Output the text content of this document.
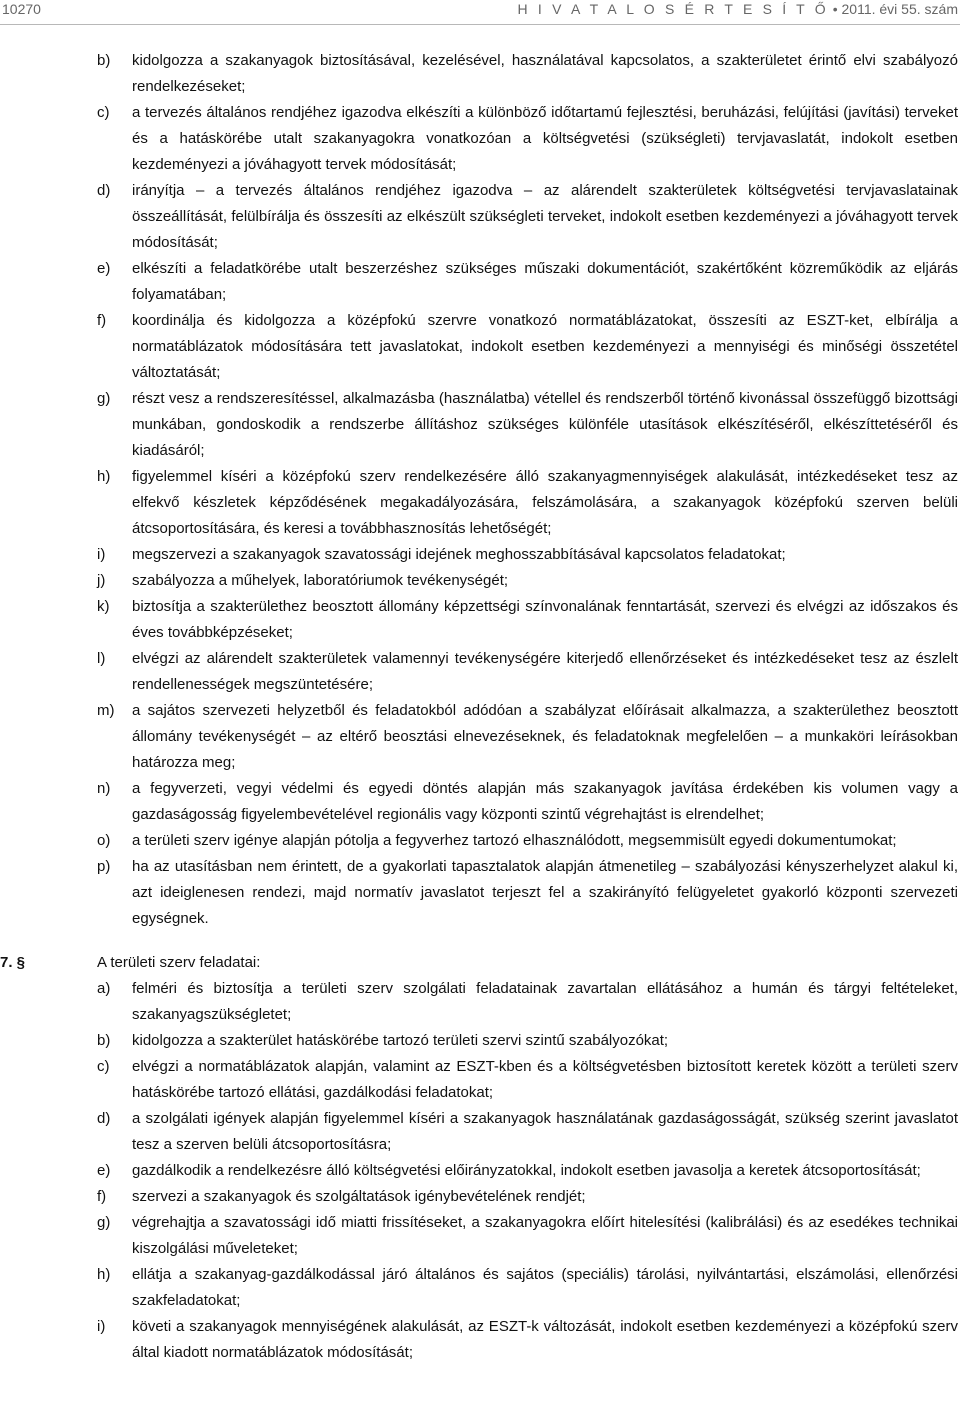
10270	H I V A T A L O S É R T E S Í T Ő • 2011. évi 55. szám
b) kidolgozza a szakanyagok biztosításával, kezelésével, használatával kapcsolatos, a szakterületet érintő elvi szabályozó rendelkezéseket;
c) a tervezés általános rendjéhez igazodva elkészíti a különböző időtartamú fejlesztési, beruházási, felújítási (javítási) terveket és a hatáskörébe utalt szakanyagokra vonatkozóan a költségvetési (szükségleti) tervjavaslatát, indokolt esetben kezdeményezi a jóváhagyott tervek módosítását;
d) irányítja – a tervezés általános rendjéhez igazodva – az alárendelt szakterületek költségvetési tervjavaslatainak összeállítását, felülbírálja és összesíti az elkészült szükségleti terveket, indokolt esetben kezdeményezi a jóváhagyott tervek módosítását;
e) elkészíti a feladatkörébe utalt beszerzéshez szükséges műszaki dokumentációt, szakértőként közreműködik az eljárás folyamatában;
f) koordinálja és kidolgozza a középfokú szervre vonatkozó normatáblázatokat, összesíti az ESZT-ket, elbírálja a normatáblázatok módosítására tett javaslatokat, indokolt esetben kezdeményezi a mennyiségi és minőségi összetétel változtatását;
g) részt vesz a rendszeresítéssel, alkalmazásba (használatba) vétellel és rendszerből történő kivonással összefüggő bizottsági munkában, gondoskodik a rendszerbe állításhoz szükséges különféle utasítások elkészítéséről, elkészíttetéséről és kiadásáról;
h) figyelemmel kíséri a középfokú szerv rendelkezésére álló szakanyagmennyiségek alakulását, intézkedéseket tesz az elfekvő készletek képződésének megakadályozására, felszámolására, a szakanyagok középfokú szerven belüli átcsoportosítására, és keresi a továbbhasznosítás lehetőségét;
i) megszervezi a szakanyagok szavatossági idejének meghosszabbításával kapcsolatos feladatokat;
j) szabályozza a műhelyek, laboratóriumok tevékenységét;
k) biztosítja a szakterülethez beosztott állomány képzettségi színvonalának fenntartását, szervezi és elvégzi az időszakos és éves továbbképzéseket;
l) elvégzi az alárendelt szakterületek valamennyi tevékenységére kiterjedő ellenőrzéseket és intézkedéseket tesz az észlelt rendellenességek megszüntetésére;
m) a sajátos szervezeti helyzetből és feladatokból adódóan a szabályzat előírásait alkalmazza, a szakterülethez beosztott állomány tevékenységét – az eltérő beosztási elnevezéseknek, és feladatoknak megfelelően – a munkaköri leírásokban határozza meg;
n) a fegyverzeti, vegyi védelmi és egyedi döntés alapján más szakanyagok javítása érdekében kis volumen vagy a gazdaságosság figyelembevételével regionális vagy központi szintű végrehajtást is elrendelhet;
o) a területi szerv igénye alapján pótolja a fegyverhez tartozó elhasználódott, megsemmisült egyedi dokumentumokat;
p) ha az utasításban nem érintett, de a gyakorlati tapasztalatok alapján átmenetileg – szabályozási kényszerhelyzet alakul ki, azt ideiglenesen rendezi, majd normatív javaslatot terjeszt fel a szakirányító felügyeletet gyakorló központi szervezeti egységnek.
7. §	A területi szerv feladatai:
a) felméri és biztosítja a területi szerv szolgálati feladatainak zavartalan ellátásához a humán és tárgyi feltételeket, szakanyagszükségletet;
b) kidolgozza a szakterület hatáskörébe tartozó területi szervi szintű szabályozókat;
c) elvégzi a normatáblázatok alapján, valamint az ESZT-kben és a költségvetésben biztosított keretek között a területi szerv hatáskörébe tartozó ellátási, gazdálkodási feladatokat;
d) a szolgálati igények alapján figyelemmel kíséri a szakanyagok használatának gazdaságosságát, szükség szerint javaslatot tesz a szerven belüli átcsoportosításra;
e) gazdálkodik a rendelkezésre álló költségvetési előirányzatokkal, indokolt esetben javasolja a keretek átcsoportosítását;
f) szervezi a szakanyagok és szolgáltatások igénybevételének rendjét;
g) végrehajtja a szavatossági idő miatti frissítéseket, a szakanyagokra előírt hitelesítési (kalibrálási) és az esedékes technikai kiszolgálási műveleteket;
h) ellátja a szakanyag-gazdálkodással járó általános és sajátos (speciális) tárolási, nyilvántartási, elszámolási, ellenőrzési szakfeladatokat;
i) követi a szakanyagok mennyiségének alakulását, az ESZT-k változását, indokolt esetben kezdeményezi a középfokú szerv által kiadott normatáblázatok módosítását;
